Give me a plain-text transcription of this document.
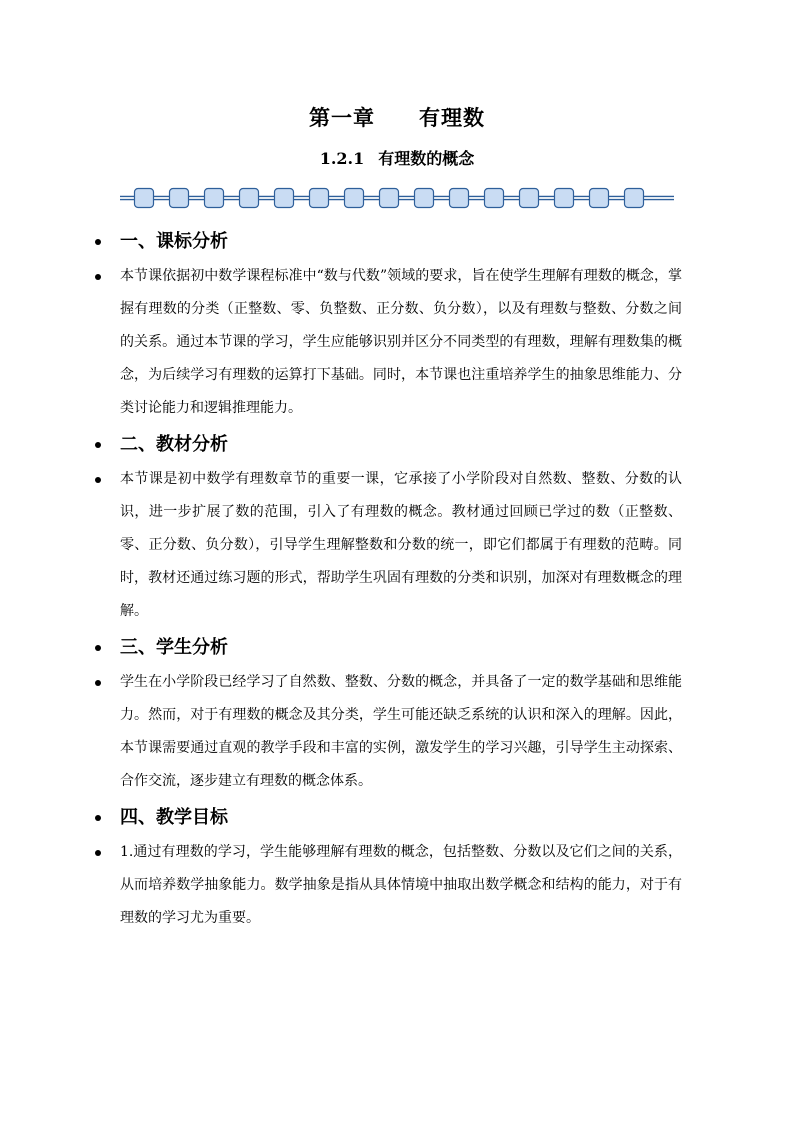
第一章 有理数
1.2.1 有理数的概念
一、课标分析
本节课依据初中数学课程标准中“数与代数”领域的要求，旨在使学生理解有理数的概念，掌握有理数的分类（正整数、零、负整数、正分数、负分数），以及有理数与整数、分数之间的关系。通过本节课的学习，学生应能够识别并区分不同类型的有理数，理解有理数集的概念，为后续学习有理数的运算打下基础。同时，本节课也注重培养学生的抽象思维能力、分类讨论能力和逻辑推理能力。
二、教材分析
本节课是初中数学有理数章节的重要一课，它承接了小学阶段对自然数、整数、分数的认识，进一步扩展了数的范围，引入了有理数的概念。教材通过回顾已学过的数（正整数、零、正分数、负分数），引导学生理解整数和分数的统一，即它们都属于有理数的范畴。同时，教材还通过练习题的形式，帮助学生巩固有理数的分类和识别，加深对有理数概念的理解。
三、学生分析
学生在小学阶段已经学习了自然数、整数、分数的概念，并具备了一定的数学基础和思维能力。然而，对于有理数的概念及其分类，学生可能还缺乏系统的认识和深入的理解。因此，本节课需要通过直观的教学手段和丰富的实例，激发学生的学习兴趣，引导学生主动探索、合作交流，逐步建立有理数的概念体系。
四、教学目标
1.通过有理数的学习，学生能够理解有理数的概念，包括整数、分数以及它们之间的关系，从而培养数学抽象能力。数学抽象是指从具体情境中抽取出数学概念和结构的能力，对于有理数的学习尤为重要。
